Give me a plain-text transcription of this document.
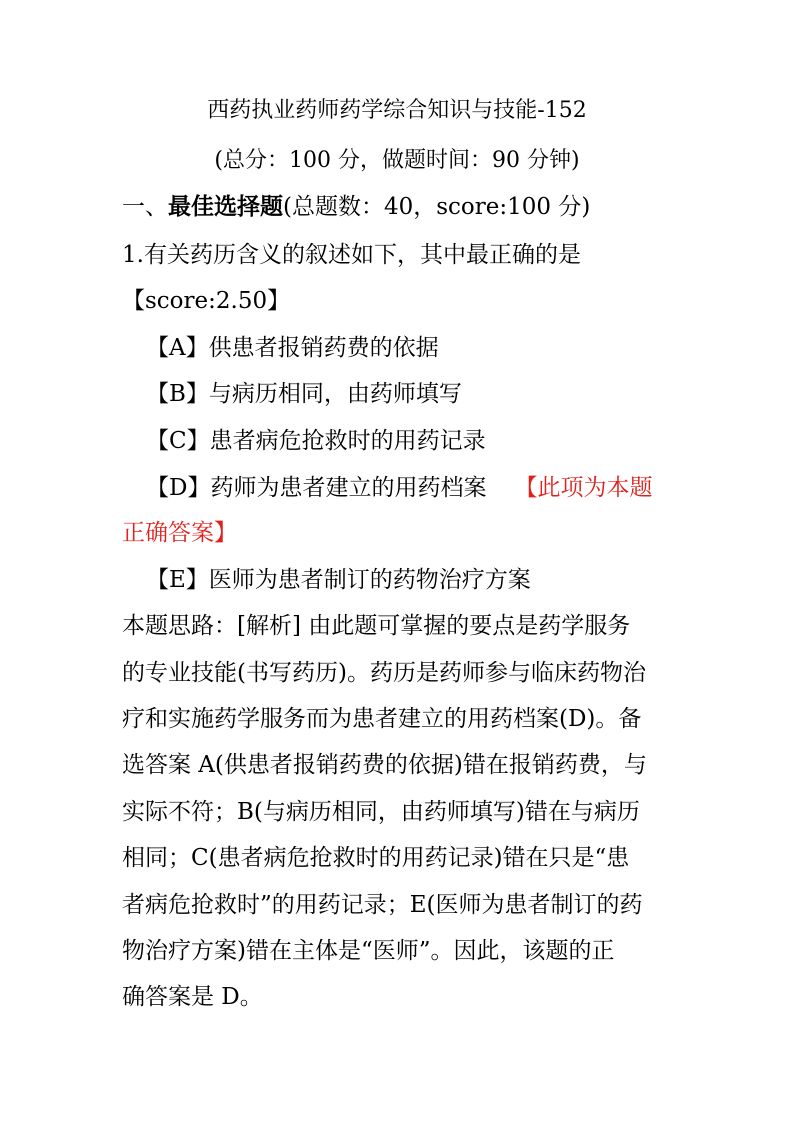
西药执业药师药学综合知识与技能-152
(总分：100 分，做题时间：90 分钟)
一、最佳选择题(总题数：40，score:100 分)
1.有关药历含义的叙述如下，其中最正确的是
【score:2.50】
【A】供患者报销药费的依据
【B】与病历相同，由药师填写
【C】患者病危抢救时的用药记录
【D】药师为患者建立的用药档案 【此项为本题
正确答案】
【E】医师为患者制订的药物治疗方案
本题思路：[解析] 由此题可掌握的要点是药学服务
的专业技能(书写药历)。药历是药师参与临床药物治
疗和实施药学服务而为患者建立的用药档案(D)。备
选答案 A(供患者报销药费的依据)错在报销药费，与
实际不符；B(与病历相同，由药师填写)错在与病历
相同；C(患者病危抢救时的用药记录)错在只是“患
者病危抢救时”的用药记录；E(医师为患者制订的药
物治疗方案)错在主体是“医师”。因此，该题的正
确答案是 D。
